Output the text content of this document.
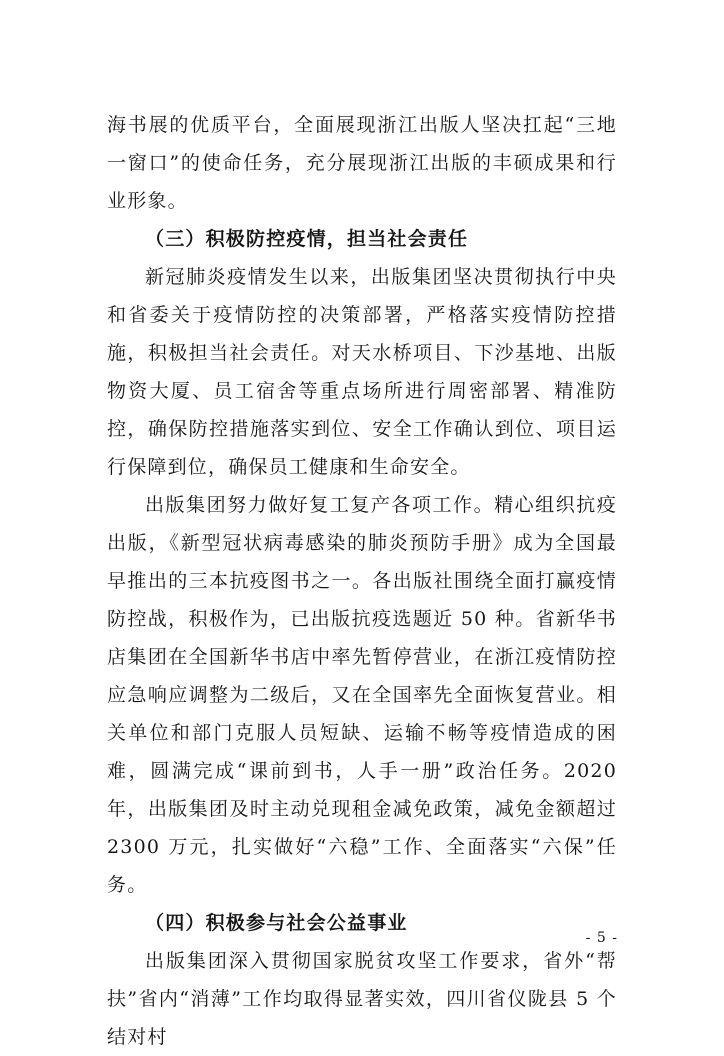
海书展的优质平台，全面展现浙江出版人坚决扛起“三地一窗口”的使命任务，充分展现浙江出版的丰硕成果和行业形象。

（三）积极防控疫情，担当社会责任

新冠肺炎疫情发生以来，出版集团坚决贯彻执行中央和省委关于疫情防控的决策部署，严格落实疫情防控措施，积极担当社会责任。对天水桥项目、下沙基地、出版物资大厦、员工宿舍等重点场所进行周密部署、精准防控，确保防控措施落实到位、安全工作确认到位、项目运行保障到位，确保员工健康和生命安全。

出版集团努力做好复工复产各项工作。精心组织抗疫出版，《新型冠状病毒感染的肺炎预防手册》成为全国最早推出的三本抗疫图书之一。各出版社围绕全面打赢疫情防控战，积极作为，已出版抗疫选题近 50 种。省新华书店集团在全国新华书店中率先暂停营业，在浙江疫情防控应急响应调整为二级后，又在全国率先全面恢复营业。相关单位和部门克服人员短缺、运输不畅等疫情造成的困难，圆满完成“课前到书，人手一册”政治任务。2020 年，出版集团及时主动兑现租金减免政策，减免金额超过 2300 万元，扎实做好“六稳”工作、全面落实“六保”任务。

（四）积极参与社会公益事业

出版集团深入贯彻国家脱贫攻坚工作要求，省外“帮扶”省内“消薄”工作均取得显著实效，四川省仪陇县 5 个结对村

- 5 -
